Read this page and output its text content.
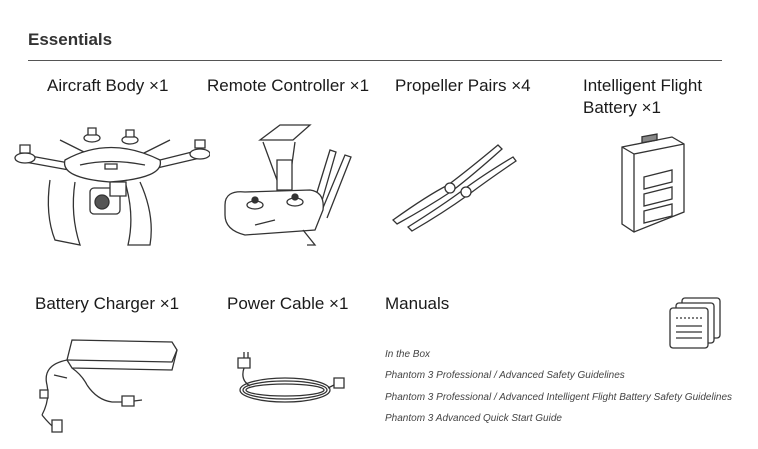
Essentials
Aircraft Body ×1 Remote Controller ×1 Propeller Pairs ×4	Intelligent Flight
Battery ×1
Battery Charger ×1	Power Cable ×1 Manuals
In the Box
Phantom 3 Professional / Advanced Safety Guidelines
Phantom 3 Professional / Advanced Intelligent Flight Battery Safety Guidelines
Phantom 3 Advanced Quick Start Guide
